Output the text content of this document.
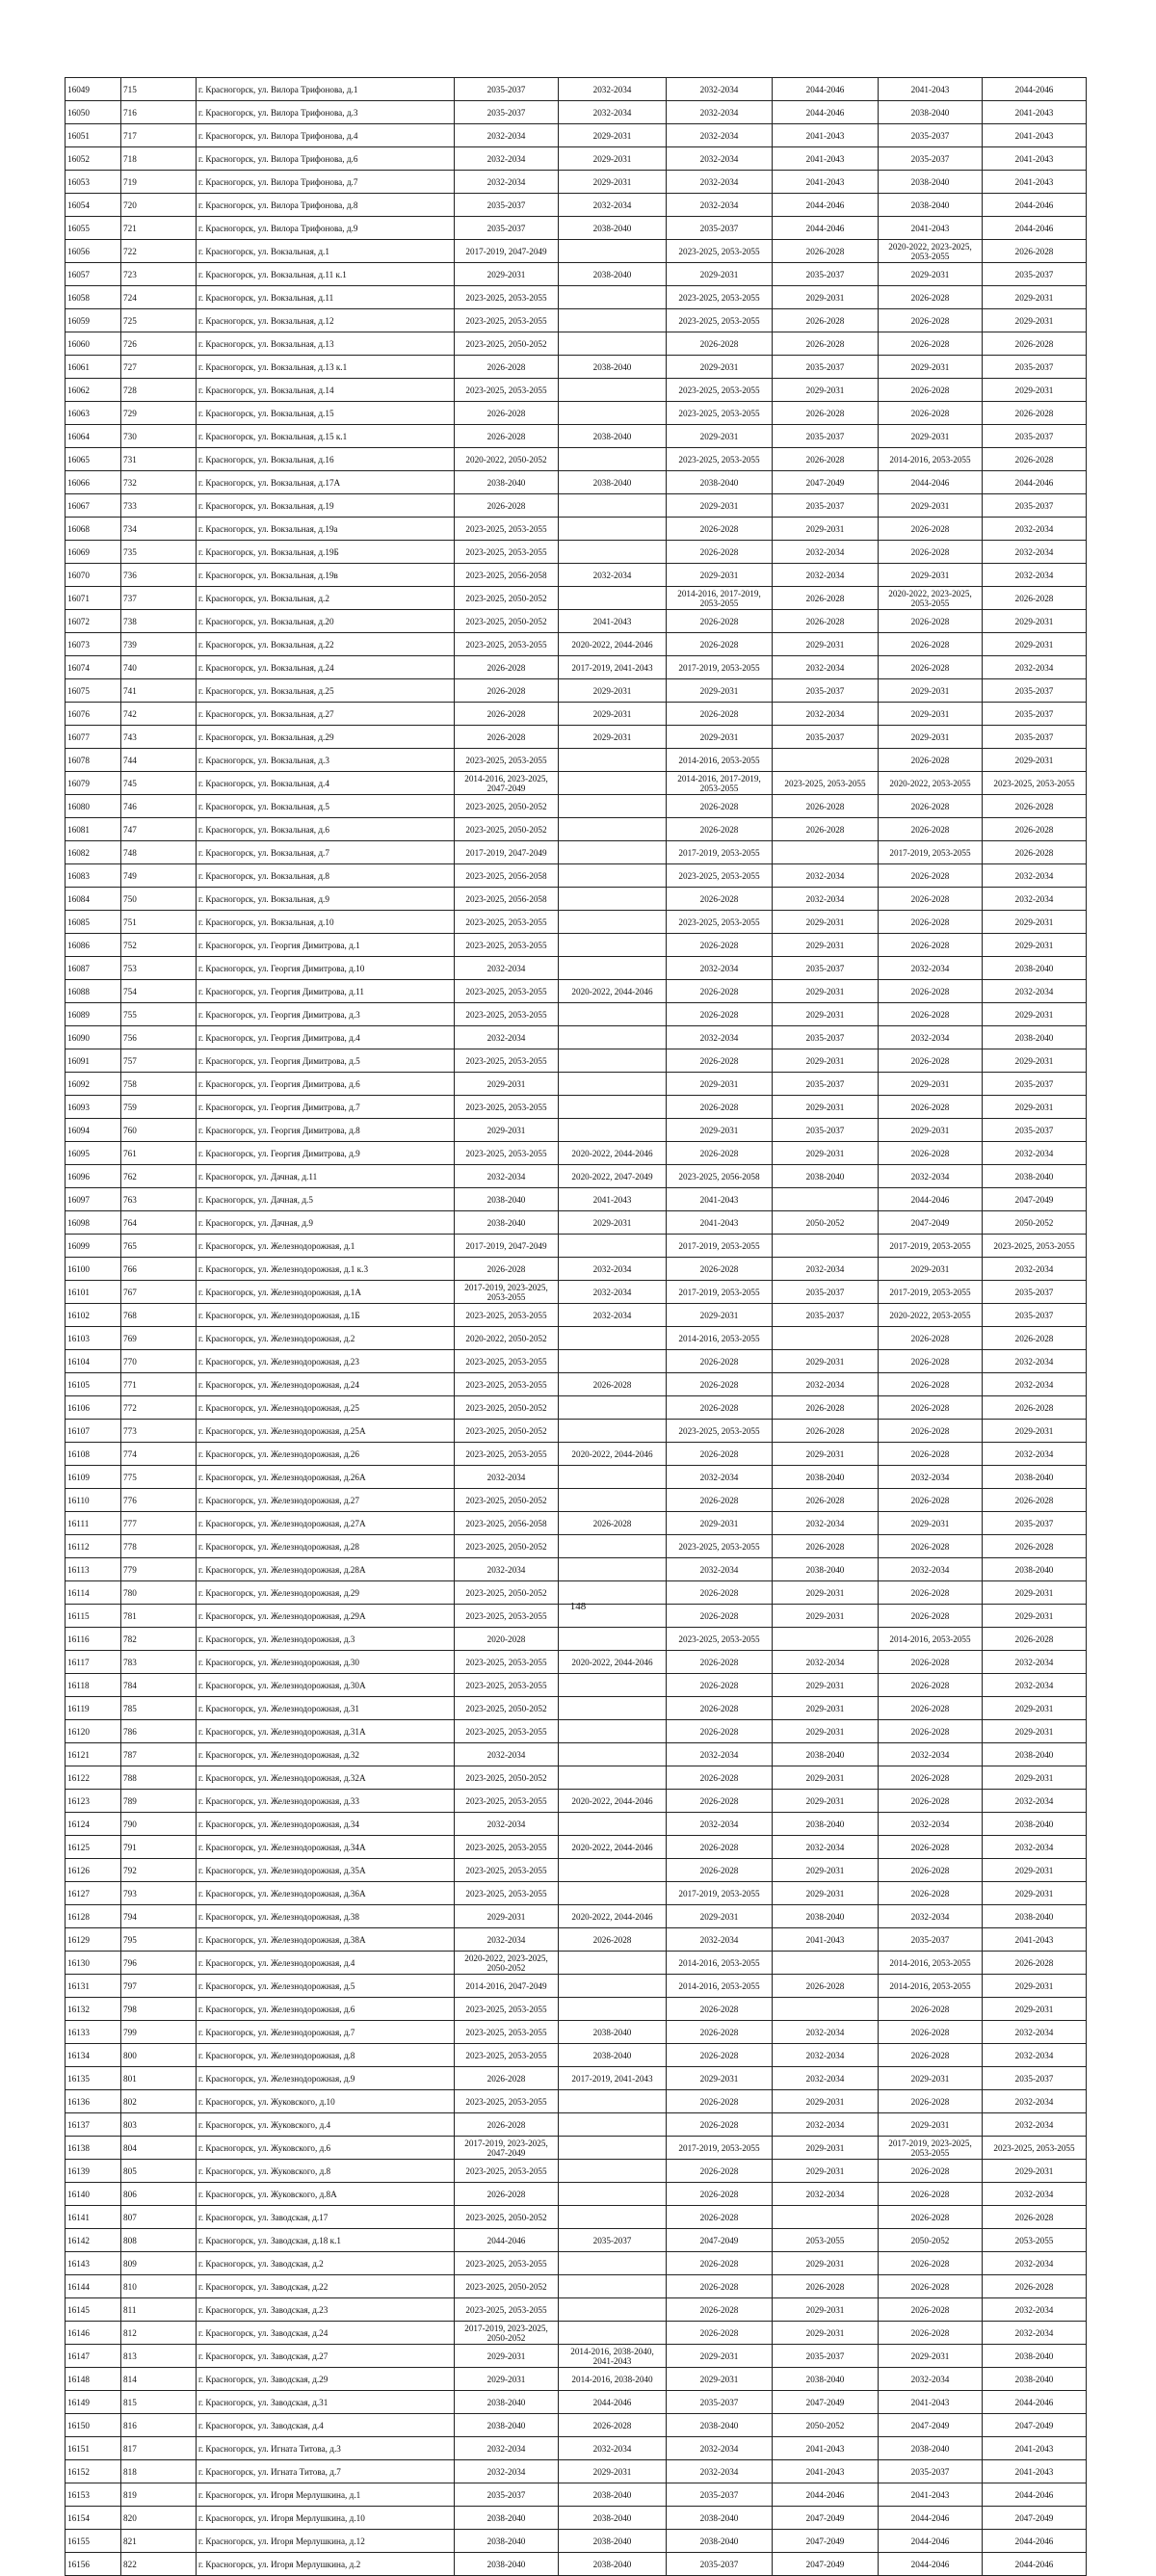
16049	715	г. Красногорск, ул. Вилора Трифонова, д.1	2035-2037	2032-2034	2032-2034	2044-2046	2041-2043	2044-2046
16050	716	г. Красногорск, ул. Вилора Трифонова, д.3	2035-2037	2032-2034	2032-2034	2044-2046	2038-2040	2041-2043
16051	717	г. Красногорск, ул. Вилора Трифонова, д.4	2032-2034	2029-2031	2032-2034	2041-2043	2035-2037	2041-2043
16052	718	г. Красногорск, ул. Вилора Трифонова, д.6	2032-2034	2029-2031	2032-2034	2041-2043	2035-2037	2041-2043
16053	719	г. Красногорск, ул. Вилора Трифонова, д.7	2032-2034	2029-2031	2032-2034	2041-2043	2038-2040	2041-2043
16054	720	г. Красногорск, ул. Вилора Трифонова, д.8	2035-2037	2032-2034	2032-2034	2044-2046	2038-2040	2044-2046
16055	721	г. Красногорск, ул. Вилора Трифонова, д.9	2035-2037	2038-2040	2035-2037	2044-2046	2041-2043	2044-2046
16056	722	г. Красногорск, ул. Вокзальная, д.1	2017-2019, 2047-2049		2023-2025, 2053-2055	2026-2028	2020-2022, 2023-2025, 2053-2055	2026-2028
16057	723	г. Красногорск, ул. Вокзальная, д.11 к.1	2029-2031	2038-2040	2029-2031	2035-2037	2029-2031	2035-2037
16058	724	г. Красногорск, ул. Вокзальная, д.11	2023-2025, 2053-2055		2023-2025, 2053-2055	2029-2031	2026-2028	2029-2031
16059	725	г. Красногорск, ул. Вокзальная, д.12	2023-2025, 2053-2055		2023-2025, 2053-2055	2026-2028	2026-2028	2029-2031
16060	726	г. Красногорск, ул. Вокзальная, д.13	2023-2025, 2050-2052		2026-2028	2026-2028	2026-2028	2026-2028
16061	727	г. Красногорск, ул. Вокзальная, д.13 к.1	2026-2028	2038-2040	2029-2031	2035-2037	2029-2031	2035-2037
16062	728	г. Красногорск, ул. Вокзальная, д.14	2023-2025, 2053-2055		2023-2025, 2053-2055	2029-2031	2026-2028	2029-2031
16063	729	г. Красногорск, ул. Вокзальная, д.15	2026-2028		2023-2025, 2053-2055	2026-2028	2026-2028	2026-2028
16064	730	г. Красногорск, ул. Вокзальная, д.15 к.1	2026-2028	2038-2040	2029-2031	2035-2037	2029-2031	2035-2037
16065	731	г. Красногорск, ул. Вокзальная, д.16	2020-2022, 2050-2052		2023-2025, 2053-2055	2026-2028	2014-2016, 2053-2055	2026-2028
16066	732	г. Красногорск, ул. Вокзальная, д.17А	2038-2040	2038-2040	2038-2040	2047-2049	2044-2046	2044-2046
16067	733	г. Красногорск, ул. Вокзальная, д.19	2026-2028		2029-2031	2035-2037	2029-2031	2035-2037
16068	734	г. Красногорск, ул. Вокзальная, д.19а	2023-2025, 2053-2055		2026-2028	2029-2031	2026-2028	2032-2034
16069	735	г. Красногорск, ул. Вокзальная, д.19Б	2023-2025, 2053-2055		2026-2028	2032-2034	2026-2028	2032-2034
16070	736	г. Красногорск, ул. Вокзальная, д.19в	2023-2025, 2056-2058	2032-2034	2029-2031	2032-2034	2029-2031	2032-2034
16071	737	г. Красногорск, ул. Вокзальная, д.2	2023-2025, 2050-2052		2014-2016, 2017-2019, 2053-2055	2026-2028	2020-2022, 2023-2025, 2053-2055	2026-2028
16072	738	г. Красногорск, ул. Вокзальная, д.20	2023-2025, 2050-2052	2041-2043	2026-2028	2026-2028	2026-2028	2029-2031
16073	739	г. Красногорск, ул. Вокзальная, д.22	2023-2025, 2053-2055	2020-2022, 2044-2046	2026-2028	2029-2031	2026-2028	2029-2031
16074	740	г. Красногорск, ул. Вокзальная, д.24	2026-2028	2017-2019, 2041-2043	2017-2019, 2053-2055	2032-2034	2026-2028	2032-2034
16075	741	г. Красногорск, ул. Вокзальная, д.25	2026-2028	2029-2031	2029-2031	2035-2037	2029-2031	2035-2037
16076	742	г. Красногорск, ул. Вокзальная, д.27	2026-2028	2029-2031	2026-2028	2032-2034	2029-2031	2035-2037
16077	743	г. Красногорск, ул. Вокзальная, д.29	2026-2028	2029-2031	2029-2031	2035-2037	2029-2031	2035-2037
16078	744	г. Красногорск, ул. Вокзальная, д.3	2023-2025, 2053-2055		2014-2016, 2053-2055		2026-2028	2029-2031
16079	745	г. Красногорск, ул. Вокзальная, д.4	2014-2016, 2023-2025, 2047-2049		2014-2016, 2017-2019, 2053-2055	2023-2025, 2053-2055	2020-2022, 2053-2055	2023-2025, 2053-2055
16080	746	г. Красногорск, ул. Вокзальная, д.5	2023-2025, 2050-2052		2026-2028	2026-2028	2026-2028	2026-2028
16081	747	г. Красногорск, ул. Вокзальная, д.6	2023-2025, 2050-2052		2026-2028	2026-2028	2026-2028	2026-2028
16082	748	г. Красногорск, ул. Вокзальная, д.7	2017-2019, 2047-2049		2017-2019, 2053-2055		2017-2019, 2053-2055	2026-2028
16083	749	г. Красногорск, ул. Вокзальная, д.8	2023-2025, 2056-2058		2023-2025, 2053-2055	2032-2034	2026-2028	2032-2034
16084	750	г. Красногорск, ул. Вокзальная, д.9	2023-2025, 2056-2058		2026-2028	2032-2034	2026-2028	2032-2034
16085	751	г. Красногорск, ул. Вокзальная, д.10	2023-2025, 2053-2055		2023-2025, 2053-2055	2029-2031	2026-2028	2029-2031
16086	752	г. Красногорск, ул. Георгия Димитрова, д.1	2023-2025, 2053-2055		2026-2028	2029-2031	2026-2028	2029-2031
16087	753	г. Красногорск, ул. Георгия Димитрова, д.10	2032-2034		2032-2034	2035-2037	2032-2034	2038-2040
16088	754	г. Красногорск, ул. Георгия Димитрова, д.11	2023-2025, 2053-2055	2020-2022, 2044-2046	2026-2028	2029-2031	2026-2028	2032-2034
16089	755	г. Красногорск, ул. Георгия Димитрова, д.3	2023-2025, 2053-2055		2026-2028	2029-2031	2026-2028	2029-2031
16090	756	г. Красногорск, ул. Георгия Димитрова, д.4	2032-2034		2032-2034	2035-2037	2032-2034	2038-2040
16091	757	г. Красногорск, ул. Георгия Димитрова, д.5	2023-2025, 2053-2055		2026-2028	2029-2031	2026-2028	2029-2031
16092	758	г. Красногорск, ул. Георгия Димитрова, д.6	2029-2031		2029-2031	2035-2037	2029-2031	2035-2037
16093	759	г. Красногорск, ул. Георгия Димитрова, д.7	2023-2025, 2053-2055		2026-2028	2029-2031	2026-2028	2029-2031
16094	760	г. Красногорск, ул. Георгия Димитрова, д.8	2029-2031		2029-2031	2035-2037	2029-2031	2035-2037
16095	761	г. Красногорск, ул. Георгия Димитрова, д.9	2023-2025, 2053-2055	2020-2022, 2044-2046	2026-2028	2029-2031	2026-2028	2032-2034
16096	762	г. Красногорск, ул. Дачная, д.11	2032-2034	2020-2022, 2047-2049	2023-2025, 2056-2058	2038-2040	2032-2034	2038-2040
16097	763	г. Красногорск, ул. Дачная, д.5	2038-2040	2041-2043	2041-2043		2044-2046	2047-2049
16098	764	г. Красногорск, ул. Дачная, д.9	2038-2040	2029-2031	2041-2043	2050-2052	2047-2049	2050-2052
16099	765	г. Красногорск, ул. Железнодорожная, д.1	2017-2019, 2047-2049		2017-2019, 2053-2055		2017-2019, 2053-2055	2023-2025, 2053-2055
16100	766	г. Красногорск, ул. Железнодорожная, д.1 к.3	2026-2028	2032-2034	2026-2028	2032-2034	2029-2031	2032-2034
16101	767	г. Красногорск, ул. Железнодорожная, д.1А	2017-2019, 2023-2025, 2053-2055	2032-2034	2017-2019, 2053-2055	2035-2037	2017-2019, 2053-2055	2035-2037
16102	768	г. Красногорск, ул. Железнодорожная, д.1Б	2023-2025, 2053-2055	2032-2034	2029-2031	2035-2037	2020-2022, 2053-2055	2035-2037
16103	769	г. Красногорск, ул. Железнодорожная, д.2	2020-2022, 2050-2052		2014-2016, 2053-2055		2026-2028	2026-2028
16104	770	г. Красногорск, ул. Железнодорожная, д.23	2023-2025, 2053-2055		2026-2028	2029-2031	2026-2028	2032-2034
16105	771	г. Красногорск, ул. Железнодорожная, д.24	2023-2025, 2053-2055	2026-2028	2026-2028	2032-2034	2026-2028	2032-2034
16106	772	г. Красногорск, ул. Железнодорожная, д.25	2023-2025, 2050-2052		2026-2028	2026-2028	2026-2028	2026-2028
16107	773	г. Красногорск, ул. Железнодорожная, д.25А	2023-2025, 2050-2052		2023-2025, 2053-2055	2026-2028	2026-2028	2029-2031
16108	774	г. Красногорск, ул. Железнодорожная, д.26	2023-2025, 2053-2055	2020-2022, 2044-2046	2026-2028	2029-2031	2026-2028	2032-2034
16109	775	г. Красногорск, ул. Железнодорожная, д.26А	2032-2034		2032-2034	2038-2040	2032-2034	2038-2040
16110	776	г. Красногорск, ул. Железнодорожная, д.27	2023-2025, 2050-2052		2026-2028	2026-2028	2026-2028	2026-2028
16111	777	г. Красногорск, ул. Железнодорожная, д.27А	2023-2025, 2056-2058	2026-2028	2029-2031	2032-2034	2029-2031	2035-2037
16112	778	г. Красногорск, ул. Железнодорожная, д.28	2023-2025, 2050-2052		2023-2025, 2053-2055	2026-2028	2026-2028	2026-2028
16113	779	г. Красногорск, ул. Железнодорожная, д.28А	2032-2034		2032-2034	2038-2040	2032-2034	2038-2040
16114	780	г. Красногорск, ул. Железнодорожная, д.29	2023-2025, 2050-2052		2026-2028	2029-2031	2026-2028	2029-2031
16115	781	г. Красногорск, ул. Железнодорожная, д.29А	2023-2025, 2053-2055		2026-2028	2029-2031	2026-2028	2029-2031
16116	782	г. Красногорск, ул. Железнодорожная, д.3	2020-2028		2023-2025, 2053-2055		2014-2016, 2053-2055	2026-2028
16117	783	г. Красногорск, ул. Железнодорожная, д.30	2023-2025, 2053-2055	2020-2022, 2044-2046	2026-2028	2032-2034	2026-2028	2032-2034
16118	784	г. Красногорск, ул. Железнодорожная, д.30А	2023-2025, 2053-2055		2026-2028	2029-2031	2026-2028	2032-2034
16119	785	г. Красногорск, ул. Железнодорожная, д.31	2023-2025, 2050-2052		2026-2028	2029-2031	2026-2028	2029-2031
16120	786	г. Красногорск, ул. Железнодорожная, д.31А	2023-2025, 2053-2055		2026-2028	2029-2031	2026-2028	2029-2031
16121	787	г. Красногорск, ул. Железнодорожная, д.32	2032-2034		2032-2034	2038-2040	2032-2034	2038-2040
16122	788	г. Красногорск, ул. Железнодорожная, д.32А	2023-2025, 2050-2052		2026-2028	2029-2031	2026-2028	2029-2031
16123	789	г. Красногорск, ул. Железнодорожная, д.33	2023-2025, 2053-2055	2020-2022, 2044-2046	2026-2028	2029-2031	2026-2028	2032-2034
16124	790	г. Красногорск, ул. Железнодорожная, д.34	2032-2034		2032-2034	2038-2040	2032-2034	2038-2040
16125	791	г. Красногорск, ул. Железнодорожная, д.34А	2023-2025, 2053-2055	2020-2022, 2044-2046	2026-2028	2032-2034	2026-2028	2032-2034
16126	792	г. Красногорск, ул. Железнодорожная, д.35А	2023-2025, 2053-2055		2026-2028	2029-2031	2026-2028	2029-2031
16127	793	г. Красногорск, ул. Железнодорожная, д.36А	2023-2025, 2053-2055		2017-2019, 2053-2055	2029-2031	2026-2028	2029-2031
16128	794	г. Красногорск, ул. Железнодорожная, д.38	2029-2031	2020-2022, 2044-2046	2029-2031	2038-2040	2032-2034	2038-2040
16129	795	г. Красногорск, ул. Железнодорожная, д.38А	2032-2034	2026-2028	2032-2034	2041-2043	2035-2037	2041-2043
16130	796	г. Красногорск, ул. Железнодорожная, д.4	2020-2022, 2023-2025, 2050-2052		2014-2016, 2053-2055		2014-2016, 2053-2055	2026-2028
16131	797	г. Красногорск, ул. Железнодорожная, д.5	2014-2016, 2047-2049		2014-2016, 2053-2055	2026-2028	2014-2016, 2053-2055	2029-2031
16132	798	г. Красногорск, ул. Железнодорожная, д.6	2023-2025, 2053-2055		2026-2028		2026-2028	2029-2031
16133	799	г. Красногорск, ул. Железнодорожная, д.7	2023-2025, 2053-2055	2038-2040	2026-2028	2032-2034	2026-2028	2032-2034
16134	800	г. Красногорск, ул. Железнодорожная, д.8	2023-2025, 2053-2055	2038-2040	2026-2028	2032-2034	2026-2028	2032-2034
16135	801	г. Красногорск, ул. Железнодорожная, д.9	2026-2028	2017-2019, 2041-2043	2029-2031	2032-2034	2029-2031	2035-2037
16136	802	г. Красногорск, ул. Жуковского, д.10	2023-2025, 2053-2055		2026-2028	2029-2031	2026-2028	2032-2034
16137	803	г. Красногорск, ул. Жуковского, д.4	2026-2028		2026-2028	2032-2034	2029-2031	2032-2034
16138	804	г. Красногорск, ул. Жуковского, д.6	2017-2019, 2023-2025, 2047-2049		2017-2019, 2053-2055	2029-2031	2017-2019, 2023-2025, 2053-2055	2023-2025, 2053-2055
16139	805	г. Красногорск, ул. Жуковского, д.8	2023-2025, 2053-2055		2026-2028	2029-2031	2026-2028	2029-2031
16140	806	г. Красногорск, ул. Жуковского, д.8А	2026-2028		2026-2028	2032-2034	2026-2028	2032-2034
16141	807	г. Красногорск, ул. Заводская, д.17	2023-2025, 2050-2052		2026-2028		2026-2028	2026-2028
16142	808	г. Красногорск, ул. Заводская, д.18 к.1	2044-2046	2035-2037	2047-2049	2053-2055	2050-2052	2053-2055
16143	809	г. Красногорск, ул. Заводская, д.2	2023-2025, 2053-2055		2026-2028	2029-2031	2026-2028	2032-2034
16144	810	г. Красногорск, ул. Заводская, д.22	2023-2025, 2050-2052		2026-2028	2026-2028	2026-2028	2026-2028
16145	811	г. Красногорск, ул. Заводская, д.23	2023-2025, 2053-2055		2026-2028	2029-2031	2026-2028	2032-2034
16146	812	г. Красногорск, ул. Заводская, д.24	2017-2019, 2023-2025, 2050-2052		2026-2028	2029-2031	2026-2028	2032-2034
16147	813	г. Красногорск, ул. Заводская, д.27	2029-2031	2014-2016, 2038-2040, 2041-2043	2029-2031	2035-2037	2029-2031	2038-2040
16148	814	г. Красногорск, ул. Заводская, д.29	2029-2031	2014-2016, 2038-2040	2029-2031	2038-2040	2032-2034	2038-2040
16149	815	г. Красногорск, ул. Заводская, д.31	2038-2040	2044-2046	2035-2037	2047-2049	2041-2043	2044-2046
16150	816	г. Красногорск, ул. Заводская, д.4	2038-2040	2026-2028	2038-2040	2050-2052	2047-2049	2047-2049
16151	817	г. Красногорск, ул. Игната Титова, д.3	2032-2034	2032-2034	2032-2034	2041-2043	2038-2040	2041-2043
16152	818	г. Красногорск, ул. Игната Титова, д.7	2032-2034	2029-2031	2032-2034	2041-2043	2035-2037	2041-2043
16153	819	г. Красногорск, ул. Игоря Мерлушкина, д.1	2035-2037	2038-2040	2035-2037	2044-2046	2041-2043	2044-2046
16154	820	г. Красногорск, ул. Игоря Мерлушкина, д.10	2038-2040	2038-2040	2038-2040	2047-2049	2044-2046	2047-2049
16155	821	г. Красногорск, ул. Игоря Мерлушкина, д.12	2038-2040	2038-2040	2038-2040	2047-2049	2044-2046	2044-2046
16156	822	г. Красногорск, ул. Игоря Мерлушкина, д.2	2038-2040	2038-2040	2035-2037	2047-2049	2044-2046	2044-2046
148
